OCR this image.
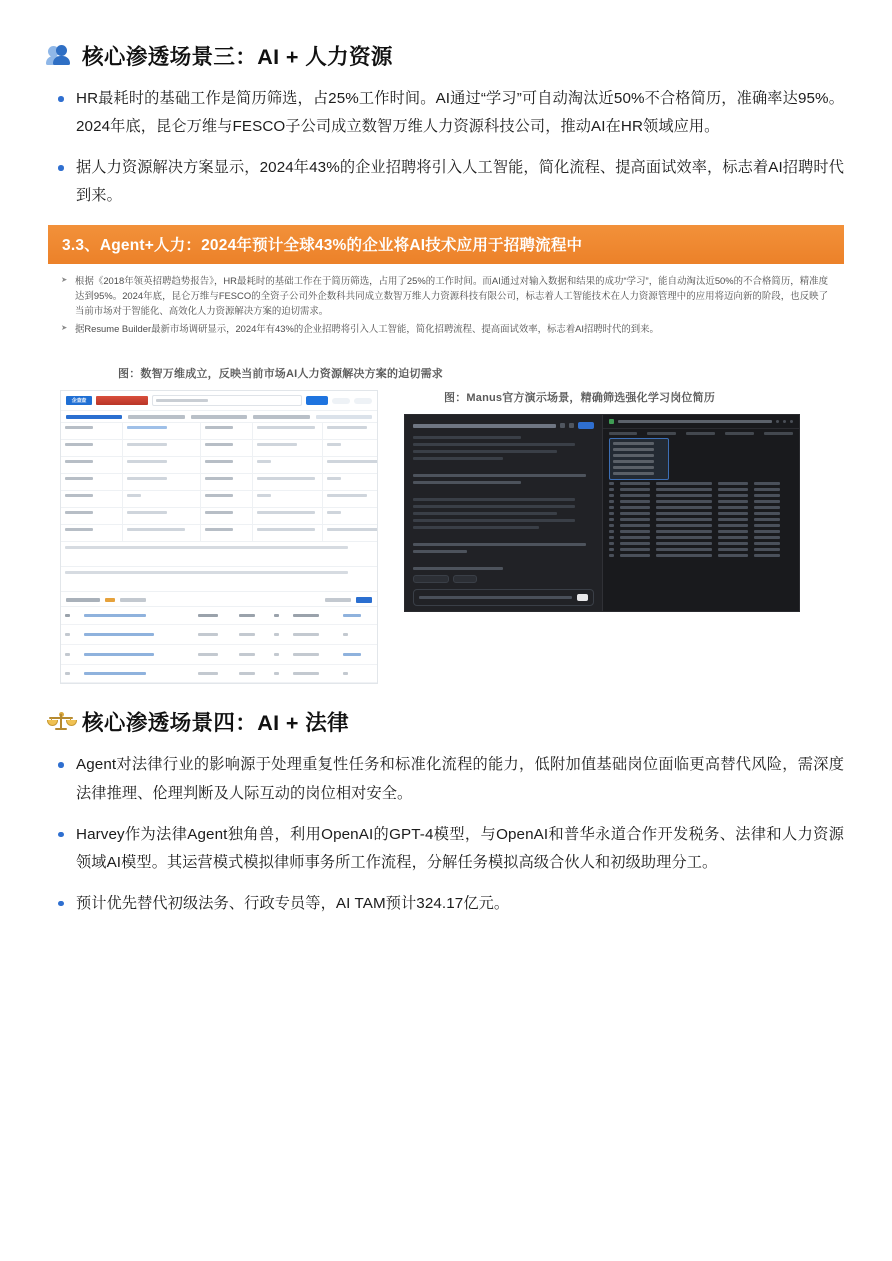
核心渗透场景三：AI + 人力资源
HR最耗时的基础工作是简历筛选，占25%工作时间。AI通过“学习”可自动淘汰近50%不合格简历，准确率达95%。2024年底，昆仑万维与FESCO子公司成立数智万维人力资源科技公司，推动AI在HR领域应用。
据人力资源解决方案显示，2024年43%的企业招聘将引入人工智能，简化流程、提高面试效率，标志着AI招聘时代到来。
3.3、Agent+人力：2024年预计全球43%的企业将AI技术应用于招聘流程中
➤ 根据《2018年领英招聘趋势报告》，HR最耗时的基础工作在于简历筛选，占用了25%的工作时间。而AI通过对输入数据和结果的成功“学习”，能自动淘汰近50%的不合格简历，精准度达到95%。2024年底，昆仑万维与FESCO的全资子公司外企数科共同成立数智万维人力资源科技有限公司，标志着人工智能技术在人力资源管理中的应用将迈向新的阶段，也反映了当前市场对于智能化、高效化人力资源解决方案的迫切需求。
➤ 据Resume Builder最新市场调研显示，2024年有43%的企业招聘将引入人工智能，简化招聘流程、提高面试效率，标志着AI招聘时代的到来。
图：数智万维成立，反映当前市场AI人力资源解决方案的迫切需求
企查查

							图：Manus官方演示场景，精确筛选强化学习岗位简历
核心渗透场景四：AI + 法律
Agent对法律行业的影响源于处理重复性任务和标准化流程的能力，低附加值基础岗位面临更高替代风险，需深度法律推理、伦理判断及人际互动的岗位相对安全。
Harvey作为法律Agent独角兽，利用OpenAI的GPT-4模型，与OpenAI和普华永道合作开发税务、法律和人力资源领域AI模型。其运营模式模拟律师事务所工作流程，分解任务模拟高级合伙人和初级助理分工。
预计优先替代初级法务、行政专员等，AI TAM预计324.17亿元。
